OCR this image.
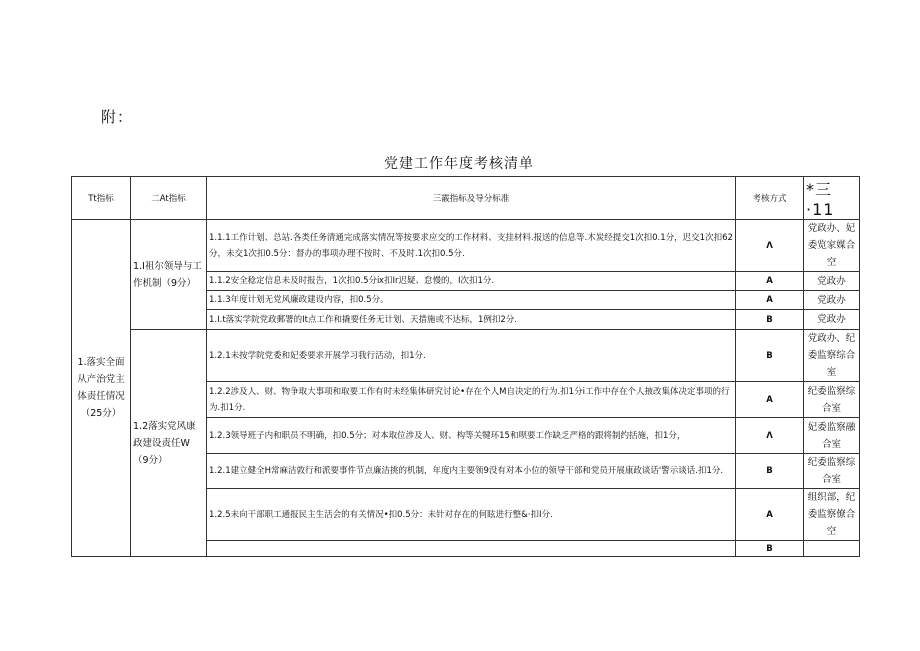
附：
党建工作年度考核清单
Tt指标	二At指标	三霰指标及导分标准	考核方式	*三·11
1.落实全面从产治党主体责任情况（25分）	1.I祖尔领导与工作机制（9分）	1.1.1工作计划、总站.各类任务清通完成落实情况等按要求应交的工作材料、支挂材料.报送的信息等.木炭经提交1次扣0.1分，迟交1次扣62分，未交1次扣0.5分：督办的事项办理不按时、不及时.1次扣0.5分.	Λ	党政办、妃委览家媒合空
		1.1.2安全稔定信息未及时报告，1次扣0.5分ⅸ扣Ir迟疑、怠慢的，I次扣1分.	A	党政办
		1.1.3年度计划无党风廉政建设内容，扣0.5分。	A	党政办
		1.I.t落实学院党政郵署的It点工作和撬要任务无计划、天措施或不达标，1例扣2分.	B	党政办
	1.2落实党风康政建设责任W（9分）	1.2.1未按学院党委和妃委要求开展学习我行活动，扣1分.	B	党政办、纪委监察综合室
		1.2.2涉及人、财、物争取大事项和取要工作有时未经集体研究讨论•存在个人M自决定的行为.扣1分i工作中存在个人掖改集体决定事项的行为.扣1分.	A	纪委监察综合室
		1.2.3领导班子内和职员不明确，扣0.5分；对本取位涉及人、财、构等关犍环15和呗要工作缺乏严格的跟将制约括施，扣1分，	Λ	妃委监察融合室
		1.2.1建立健全H常麻洁敦行和派要事件节点廉洁挑的机制，年度内主要领9没有对本小位的领导干部和党员开展康政谈话'警示谈话.扣1分.	B	纪委监察综合室
		1.2.5未向干部职工通报民主生活会的有关情况•扣0.5分：未针对存在的何眩进行整&·扣I分.	A	组织部，纪委监察僚合空
			B	
